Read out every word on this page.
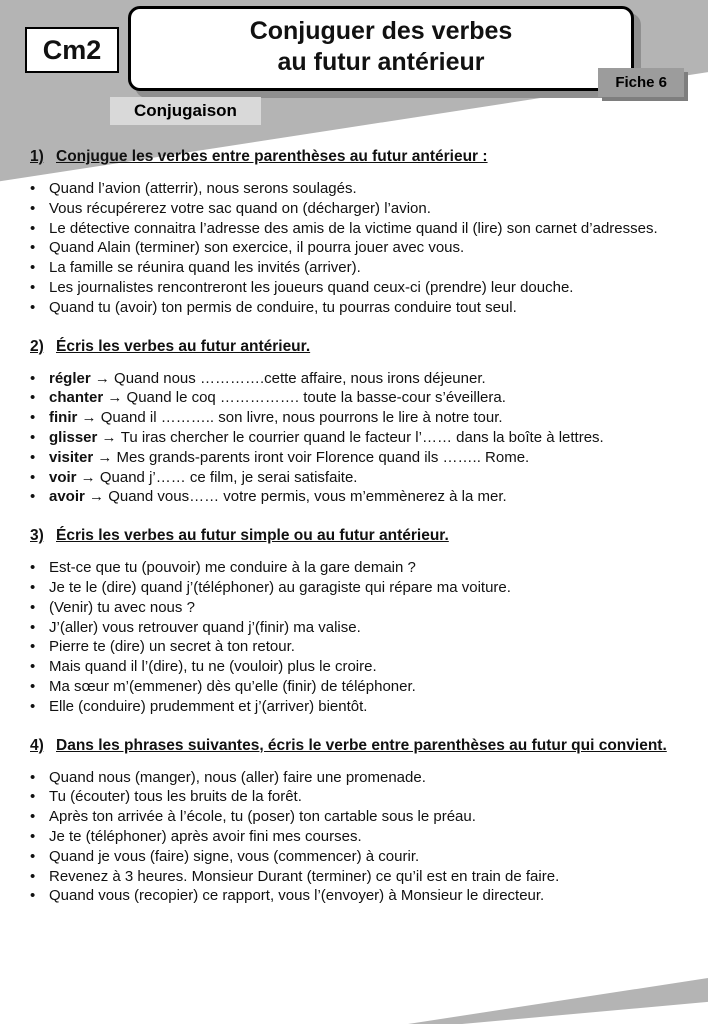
Cm2
Conjuguer des verbes
au futur antérieur
Fiche 6
Conjugaison
1) Conjugue les verbes entre parenthèses au futur antérieur :
• Quand l’avion (atterrir), nous serons soulagés.
• Vous récupérerez votre sac quand on (décharger) l’avion.
• Le détective connaitra l’adresse des amis de la victime quand il (lire) son carnet d’adresses.
• Quand Alain (terminer) son exercice, il pourra jouer avec vous.
• La famille se réunira quand les invités (arriver).
• Les journalistes rencontreront les joueurs quand ceux-ci (prendre) leur douche.
• Quand tu (avoir) ton permis de conduire, tu pourras conduire tout seul.
2) Écris les verbes au futur antérieur.
• régler → Quand nous ………….cette affaire, nous irons déjeuner.
• chanter → Quand le coq ……………. toute la basse-cour s’éveillera.
• finir → Quand il ……….. son livre, nous pourrons le lire à notre tour.
• glisser → Tu iras chercher le courrier quand le facteur l’…… dans la boîte à lettres.
• visiter → Mes grands-parents iront voir Florence quand ils …….. Rome.
• voir → Quand j’…… ce film, je serai satisfaite.
• avoir → Quand vous…… votre permis, vous m’emmènerez à la mer.
3) Écris les verbes au futur simple ou au futur antérieur.
• Est-ce que tu (pouvoir) me conduire à la gare demain ?
• Je te le (dire) quand j’(téléphoner) au garagiste qui répare ma voiture.
• (Venir) tu avec nous ?
• J’(aller) vous retrouver quand j’(finir) ma valise.
• Pierre te (dire) un secret à ton retour.
• Mais quand il l’(dire), tu ne (vouloir) plus le croire.
• Ma sœur m’(emmener) dès qu’elle (finir) de téléphoner.
• Elle (conduire) prudemment et j’(arriver) bientôt.
4) Dans les phrases suivantes, écris le verbe entre parenthèses au futur qui convient.
• Quand nous (manger), nous (aller) faire une promenade.
• Tu (écouter) tous les bruits de la forêt.
• Après ton arrivée à l’école, tu (poser) ton cartable sous le préau.
• Je te (téléphoner) après avoir fini mes courses.
• Quand je vous (faire) signe, vous (commencer) à courir.
• Revenez à 3 heures. Monsieur Durant (terminer) ce qu’il est en train de faire.
• Quand vous (recopier) ce rapport, vous l’(envoyer) à Monsieur le directeur.
